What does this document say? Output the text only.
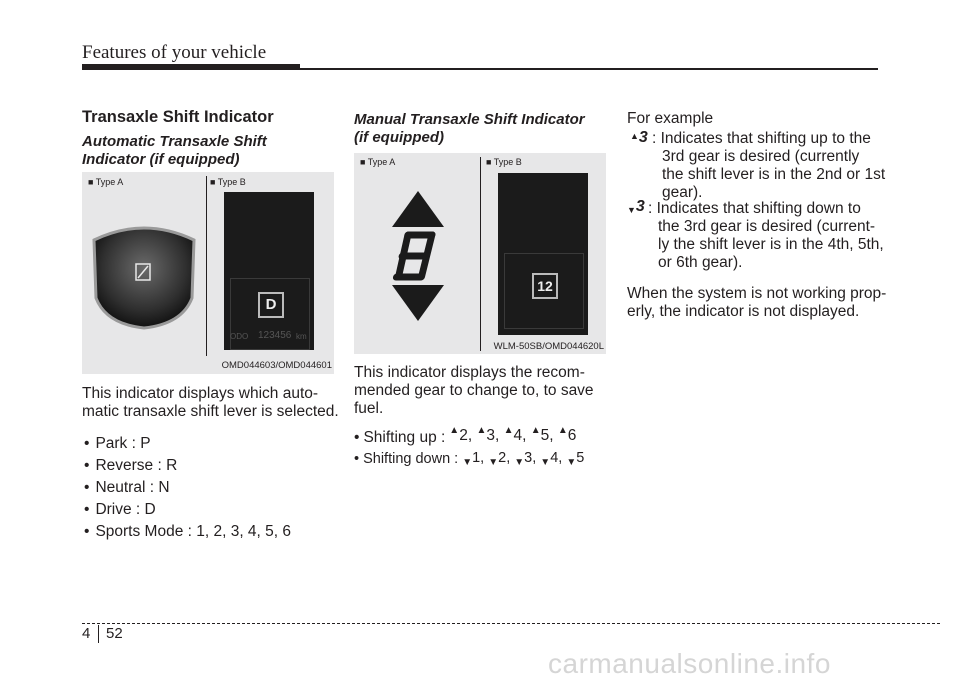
Features of your vehicle
Transaxle Shift Indicator
Automatic Transaxle Shift
Indicator (if equipped)
■ Type A	■ Type B
D
ODO 123456 km
OMD044603/OMD044601
This indicator displays which auto-
matic transaxle shift lever is selected.
• Park : P
• Reverse : R
• Neutral : N
• Drive : D
• Sports Mode : 1, 2, 3, 4, 5, 6
Manual Transaxle Shift Indicator
(if equipped)
■ Type A	■ Type B
12
WLM-50SB/OMD044620L
This indicator displays the recom-
mended gear to change to, to save
fuel.
• Shifting up : ▲2, ▲3, ▲4, ▲5, ▲6
• Shifting down : $_▼$1, $_▼$2, $_▼$3, $_▼$4, $_▼$5
For example
▲3 : Indicates that shifting up to the
3rd gear is desired (currently
the shift lever is in the 2nd or 1st
gear).
▼3 : Indicates that shifting down to
the 3rd gear is desired (current-
ly the shift lever is in the 4th, 5th,
or 6th gear).
When the system is not working prop-
erly, the indicator is not displayed.
4 52
carmanualsonline.info
